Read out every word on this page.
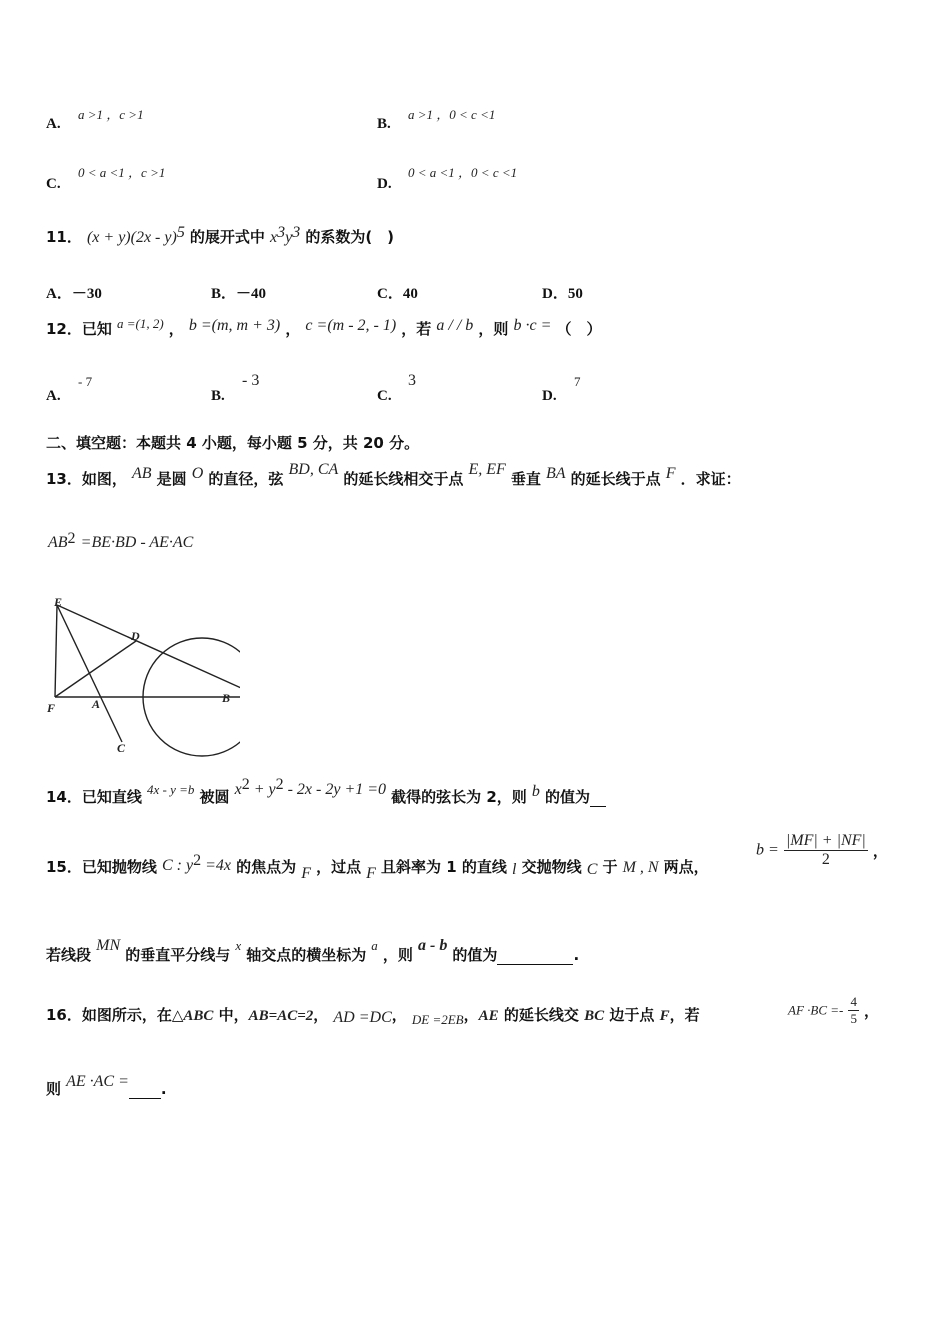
A.
a >1 ，c >1
B.
a >1 ，0 < c <1
C.
0 < a <1 ，c >1
D.
0 < a <1 ，0 < c <1
11． (x + y)(2x - y)$^5$ 的展开式中 $x^3y^3$ 的系数为(　)
A．－30	B．－40	C．40	D．50
12．已知 $^{a =(1, 2)}$ ， b =(m, m + 3) ， c =(m - 2, - 1) ，若 a / / b ，则 b ·c = （　）
A.
- 7
B.
- 3
C.
3
D.
7
二、填空题：本题共 4 小题，每小题 5 分，共 20 分。
13．如图， AB 是圆 O 的直径，弦 BD, CA 的延长线相交于点 E, EF 垂直 BA 的延长线于点 F ．求证：
$AB^2 =BE\cdot BD - AE\cdot AC$
E
D
F	A	B
C
14．已知直线 $^{4x - y =b}$ 被圆 $x^2 + y^2 - 2x - 2y +1 =0$ 截得的弦长为 2，则 b 的值为
15．已知抛物线 C : $y^2 =4x$ 的焦点为 F ，过点 F 且斜率为 1 的直线 l 交抛物线 C 于 M , N 两点，
$b = \frac{|MF| + |NF|}{2}$ ，
若线段 MN 的垂直平分线与 $^x$ 轴交点的横坐标为 $^a$ ，则 a - b 的值为	.
16．如图所示，在△ABC 中，AB=AC=2， AD =DC， $_{DE =2EB}$，AE 的延长线交 BC 边于点 F，若	AF $\cdot BC =- \frac{4}{5}$ ，
则 AE ·AC = .
